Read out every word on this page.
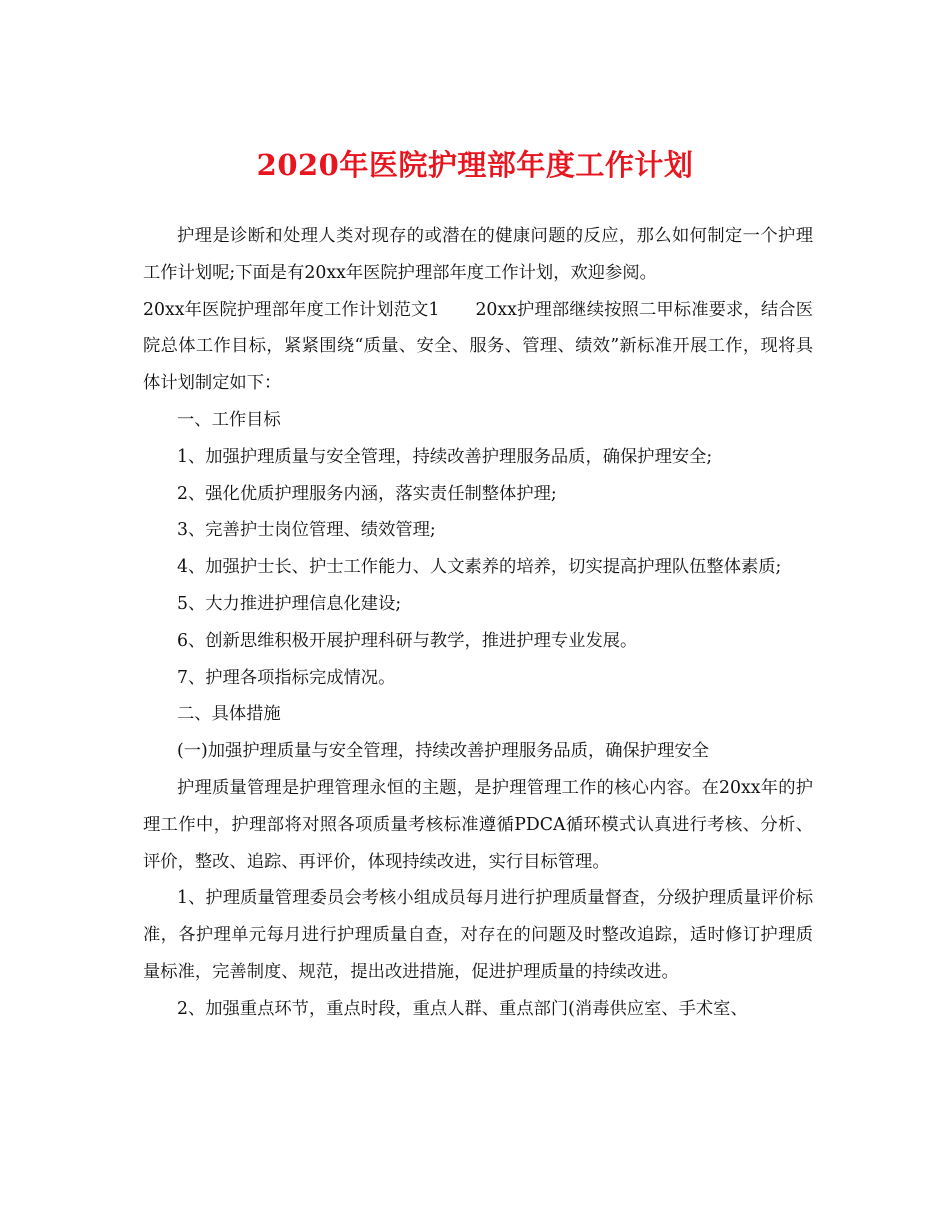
2020年医院护理部年度工作计划

护理是诊断和处理人类对现存的或潜在的健康问题的反应，那么如何制定一个护理工作计划呢;下面是有20xx年医院护理部年度工作计划，欢迎参阅。

20xx年医院护理部年度工作计划范文1 20xx护理部继续按照二甲标准要求，结合医院总体工作目标，紧紧围绕“质量、安全、服务、管理、绩效”新标准开展工作，现将具体计划制定如下：

一、工作目标

1、加强护理质量与安全管理，持续改善护理服务品质，确保护理安全;

2、强化优质护理服务内涵，落实责任制整体护理;

3、完善护士岗位管理、绩效管理;

4、加强护士长、护士工作能力、人文素养的培养，切实提高护理队伍整体素质;

5、大力推进护理信息化建设;

6、创新思维积极开展护理科研与教学，推进护理专业发展。

7、护理各项指标完成情况。

二、具体措施

(一)加强护理质量与安全管理，持续改善护理服务品质，确保护理安全

护理质量管理是护理管理永恒的主题，是护理管理工作的核心内容。在20xx年的护理工作中，护理部将对照各项质量考核标准遵循PDCA循环模式认真进行考核、分析、评价，整改、追踪、再评价，体现持续改进，实行目标管理。

1、护理质量管理委员会考核小组成员每月进行护理质量督查，分级护理质量评价标准，各护理单元每月进行护理质量自查，对存在的问题及时整改追踪，适时修订护理质量标准，完善制度、规范，提出改进措施，促进护理质量的持续改进。

2、加强重点环节，重点时段，重点人群、重点部门(消毒供应室、手术室、
